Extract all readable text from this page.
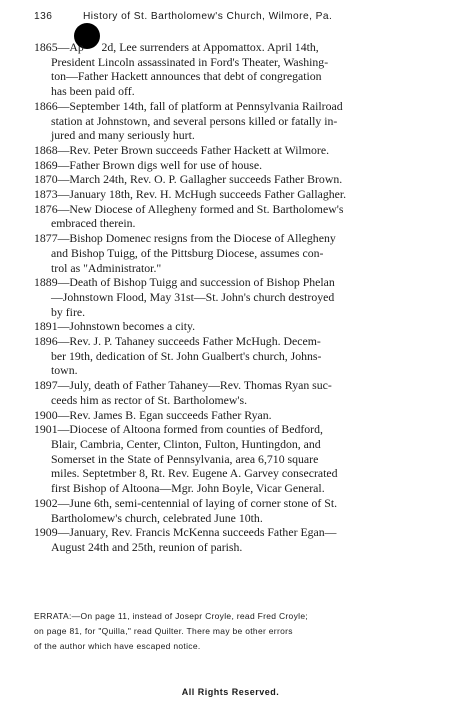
136	History of St. Bartholomew's Church, Wilmore, Pa.
1865—Ap   2d, Lee surrenders at Appomattox. April 14th,
President Lincoln assassinated in Ford's Theater, Washing-
ton—Father Hackett announces that debt of congregation
has been paid off.
1866—September 14th, fall of platform at Pennsylvania Railroad
station at Johnstown, and several persons killed or fatally in-
jured and many seriously hurt.
1868—Rev. Peter Brown succeeds Father Hackett at Wilmore.
1869—Father Brown digs well for use of house.
1870—March 24th, Rev. O. P. Gallagher succeeds Father Brown.
1873—January 18th, Rev. H. McHugh succeeds Father Gallagher.
1876—New Diocese of Allegheny formed and St. Bartholomew's
embraced therein.
1877—Bishop Domenec resigns from the Diocese of Allegheny
and Bishop Tuigg, of the Pittsburg Diocese, assumes con-
trol as "Administrator."
1889—Death of Bishop Tuigg and succession of Bishop Phelan
—Johnstown Flood, May 31st—St. John's church destroyed
by fire.
1891—Johnstown becomes a city.
1896—Rev. J. P. Tahaney succeeds Father McHugh. Decem-
ber 19th, dedication of St. John Gualbert's church, Johns-
town.
1897—July, death of Father Tahaney—Rev. Thomas Ryan suc-
ceeds him as rector of St. Bartholomew's.
1900—Rev. James B. Egan succeeds Father Ryan.
1901—Diocese of Altoona formed from counties of Bedford,
Blair, Cambria, Center, Clinton, Fulton, Huntingdon, and
Somerset in the State of Pennsylvania, area 6,710 square
miles. Septetmber 8, Rt. Rev. Eugene A. Garvey consecrated
first Bishop of Altoona—Mgr. John Boyle, Vicar General.
1902—June 6th, semi-centennial of laying of corner stone of St.
Bartholomew's church, celebrated June 10th.
1909—January, Rev. Francis McKenna succeeds Father Egan—
August 24th and 25th, reunion of parish.
ERRATA:—On page 11, instead of Josepr Croyle, read Fred Croyle;
on page 81, for "Quilla," read Quilter. There may be other errors
of the author which have escaped notice.
All Rights Reserved.
